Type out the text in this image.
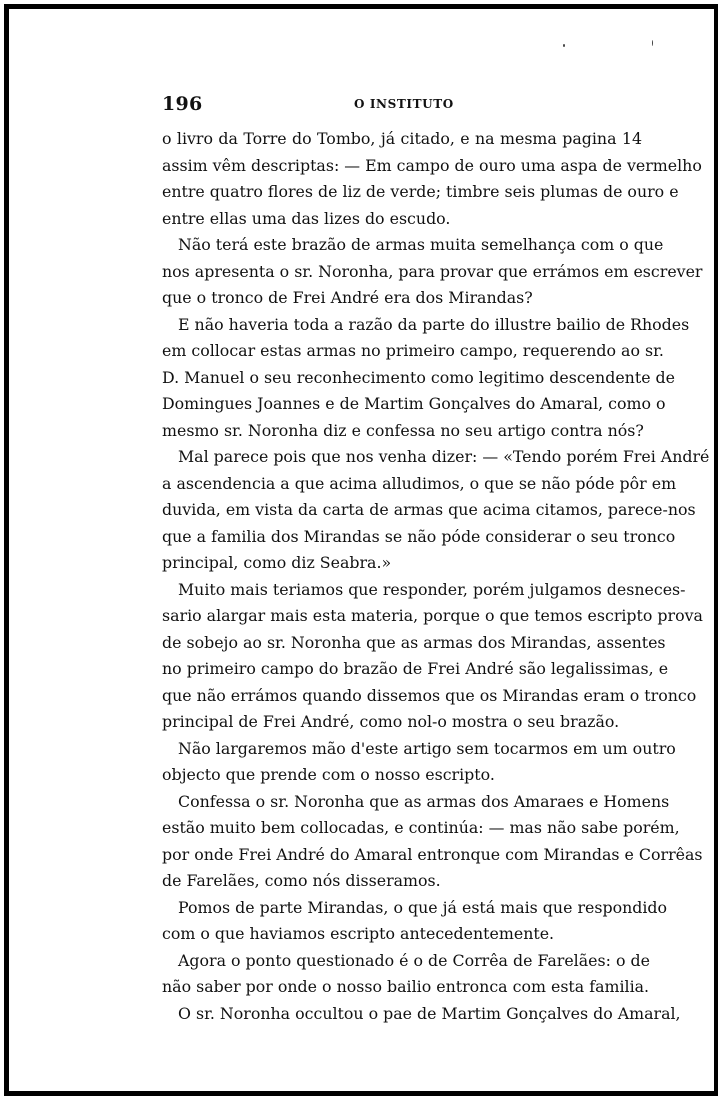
196	O INSTITUTO
o livro da Torre do Tombo, já citado, e na mesma pagina 14
assim vêm descriptas: — Em campo de ouro uma aspa de vermelho
entre quatro flores de liz de verde; timbre seis plumas de ouro e
entre ellas uma das lizes do escudo.
Não terá este brazão de armas muita semelhança com o que
nos apresenta o sr. Noronha, para provar que errámos em escrever
que o tronco de Frei André era dos Mirandas?
E não haveria toda a razão da parte do illustre bailio de Rhodes
em collocar estas armas no primeiro campo, requerendo ao sr.
D. Manuel o seu reconhecimento como legitimo descendente de
Domingues Joannes e de Martim Gonçalves do Amaral, como o
mesmo sr. Noronha diz e confessa no seu artigo contra nós?
Mal parece pois que nos venha dizer: — «Tendo porém Frei André
a ascendencia a que acima alludimos, o que se não póde pôr em
duvida, em vista da carta de armas que acima citamos, parece-nos
que a familia dos Mirandas se não póde considerar o seu tronco
principal, como diz Seabra.»
Muito mais teriamos que responder, porém julgamos desneces-
sario alargar mais esta materia, porque o que temos escripto prova
de sobejo ao sr. Noronha que as armas dos Mirandas, assentes
no primeiro campo do brazão de Frei André são legalissimas, e
que não errámos quando dissemos que os Mirandas eram o tronco
principal de Frei André, como nol-o mostra o seu brazão.
Não largaremos mão d'este artigo sem tocarmos em um outro
objecto que prende com o nosso escripto.
Confessa o sr. Noronha que as armas dos Amaraes e Homens
estão muito bem collocadas, e continúa: — mas não sabe porém,
por onde Frei André do Amaral entronque com Mirandas e Corrêas
de Farelães, como nós disseramos.
Pomos de parte Mirandas, o que já está mais que respondido
com o que haviamos escripto antecedentemente.
Agora o ponto questionado é o de Corrêa de Farelães: o de
não saber por onde o nosso bailio entronca com esta familia.
O sr. Noronha occultou o pae de Martim Gonçalves do Amaral,
